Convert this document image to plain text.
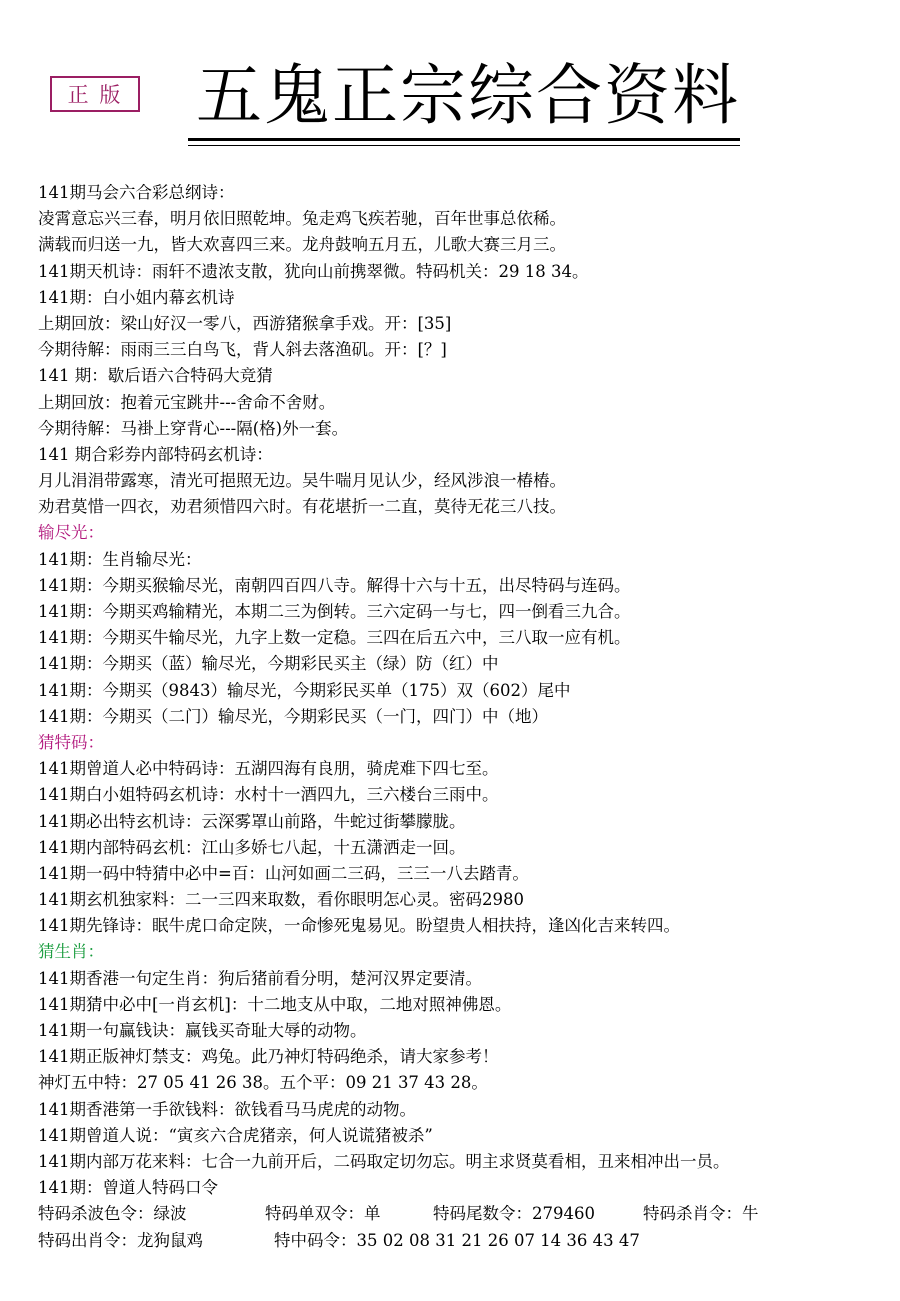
正 版 五鬼正宗综合资料
141期马会六合彩总纲诗：
凌霄意忘兴三春，明月依旧照乾坤。兔走鸡飞疾若驰，百年世事总依稀。
满载而归送一九，皆大欢喜四三来。龙舟鼓响五月五，儿歌大赛三月三。
141期天机诗：雨轩不遗浓支散，犹向山前携翠微。特码机关：29 18 34。
141期：白小姐内幕玄机诗
上期回放：梁山好汉一零八，西游猪猴拿手戏。开：[35]
今期待解：雨雨三三白鸟飞，背人斜去落渔矶。开：[？]
141 期：歇后语六合特码大竞猜
上期回放：抱着元宝跳井---舍命不舍财。
今期待解：马褂上穿背心---隔(格)外一套。
141 期合彩券内部特码玄机诗：
月儿涓涓带露寒，清光可挹照无边。吴牛喘月见认少，经风涉浪一椿椿。
劝君莫惜一四衣，劝君须惜四六时。有花堪折一二直，莫待无花三八技。
输尽光：
141期：生肖输尽光：
141期：今期买猴输尽光，南朝四百四八寺。解得十六与十五，出尽特码与连码。
141期：今期买鸡输精光，本期二三为倒转。三六定码一与七，四一倒看三九合。
141期：今期买牛输尽光，九字上数一定稳。三四在后五六中，三八取一应有机。
141期：今期买（蓝）输尽光，今期彩民买主（绿）防（红）中
141期：今期买（9843）输尽光，今期彩民买单（175）双（602）尾中
141期：今期买（二门）输尽光，今期彩民买（一门，四门）中（地）
猜特码：
141期曾道人必中特码诗：五湖四海有良朋，骑虎难下四七至。
141期白小姐特码玄机诗：水村十一酒四九，三六楼台三雨中。
141期必出特玄机诗：云深雾罩山前路，牛蛇过街攀朦胧。
141期内部特码玄机：江山多娇七八起，十五潇洒走一回。
141期一码中特猜中必中=百：山河如画二三码，三三一八去踏青。
141期玄机独家料：二一三四来取数，看你眼明怎心灵。密码2980
141期先锋诗：眠牛虎口命定陕，一命惨死鬼易见。盼望贵人相扶持，逢凶化吉来转四。
猜生肖：
141期香港一句定生肖：狗后猪前看分明，楚河汉界定要清。
141期猜中必中[一肖玄机]：十二地支从中取，二地对照神佛恩。
141期一句赢钱诀：赢钱买奇耻大辱的动物。
141期正版神灯禁支：鸡兔。此乃神灯特码绝杀，请大家参考！
神灯五中特：27 05 41 26 38。五个平：09 21 37 43 28。
141期香港第一手欲钱料：欲钱看马马虎虎的动物。
141期曾道人说：“寅亥六合虎猪亲，何人说谎猪被杀”
141期内部万花来料：七合一九前开后，二码取定切勿忘。明主求贤莫看相，丑来相冲出一员。
141期：曾道人特码口令
特码杀波色令：绿波	特码单双令：单	特码尾数令：279460	特码杀肖令：牛
特码出肖令：龙狗鼠鸡	特中码令：35 02 08 31 21 26 07 14 36 43 47
